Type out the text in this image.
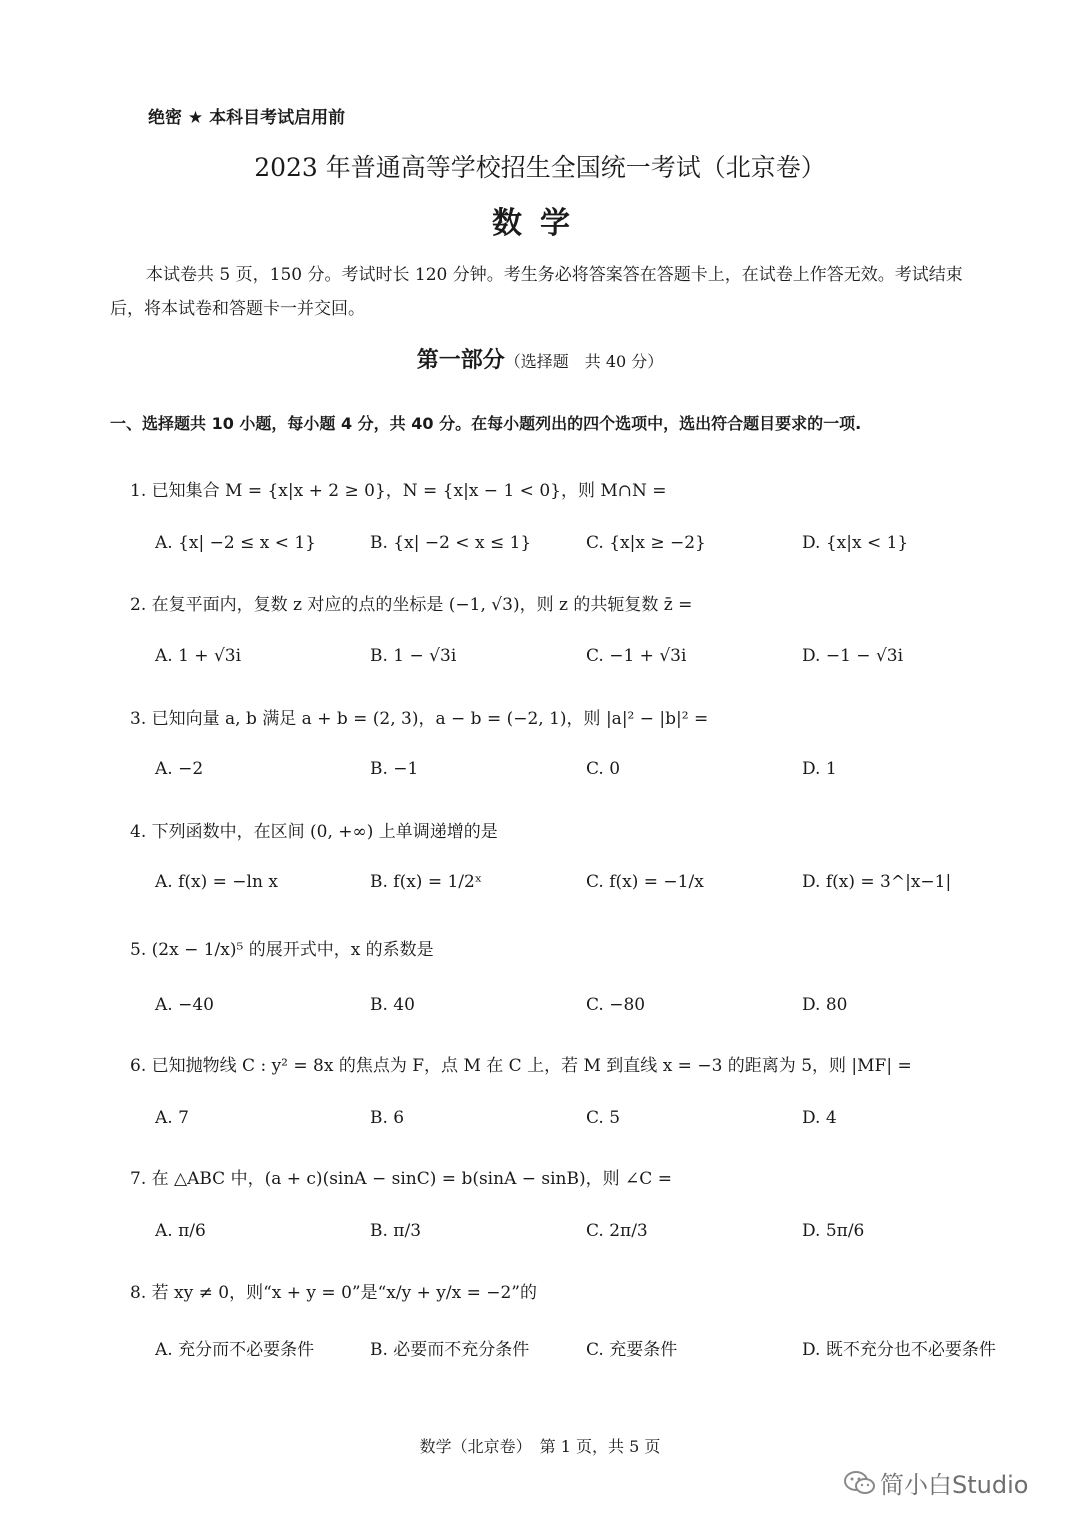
绝密 ★ 本科目考试启用前
2023 年普通高等学校招生全国统一考试（北京卷）
数学
本试卷共 5 页，150 分。考试时长 120 分钟。考生务必将答案答在答题卡上，在试卷上作答无效。考试结束后，将本试卷和答题卡一并交回。
第一部分（选择题　共 40 分）
一、选择题共 10 小题，每小题 4 分，共 40 分。在每小题列出的四个选项中，选出符合题目要求的一项.
1. 已知集合 M = {x|x + 2 ≥ 0}，N = {x|x − 1 < 0}，则 M∩N =
A. {x| −2 ≤ x < 1}	B. {x| −2 < x ≤ 1}	C. {x|x ≥ −2}	D. {x|x < 1}
2. 在复平面内，复数 z 对应的点的坐标是 (−1, √3)，则 z 的共轭复数 z̄ =
A. 1 + √3i	B. 1 − √3i	C. −1 + √3i	D. −1 − √3i
3. 已知向量 a, b 满足 a + b = (2, 3)，a − b = (−2, 1)，则 |a|² − |b|² =
A. −2	B. −1	C. 0	D. 1
4. 下列函数中，在区间 (0, +∞) 上单调递增的是
A. f(x) = −ln x	B. f(x) = 1/2ˣ	C. f(x) = −1/x	D. f(x) = 3^|x−1|
5. (2x − 1/x)⁵ 的展开式中，x 的系数是
A. −40	B. 40	C. −80	D. 80
6. 已知抛物线 C : y² = 8x 的焦点为 F，点 M 在 C 上，若 M 到直线 x = −3 的距离为 5，则 |MF| =
A. 7	B. 6	C. 5	D. 4
7. 在 △ABC 中，(a + c)(sinA − sinC) = b(sinA − sinB)，则 ∠C =
A. π/6	B. π/3	C. 2π/3	D. 5π/6
8. 若 xy ≠ 0，则“x + y = 0”是“x/y + y/x = −2”的
A. 充分而不必要条件	B. 必要而不充分条件	C. 充要条件	D. 既不充分也不必要条件
数学（北京卷）　第 1 页，共 5 页
简小白Studio
